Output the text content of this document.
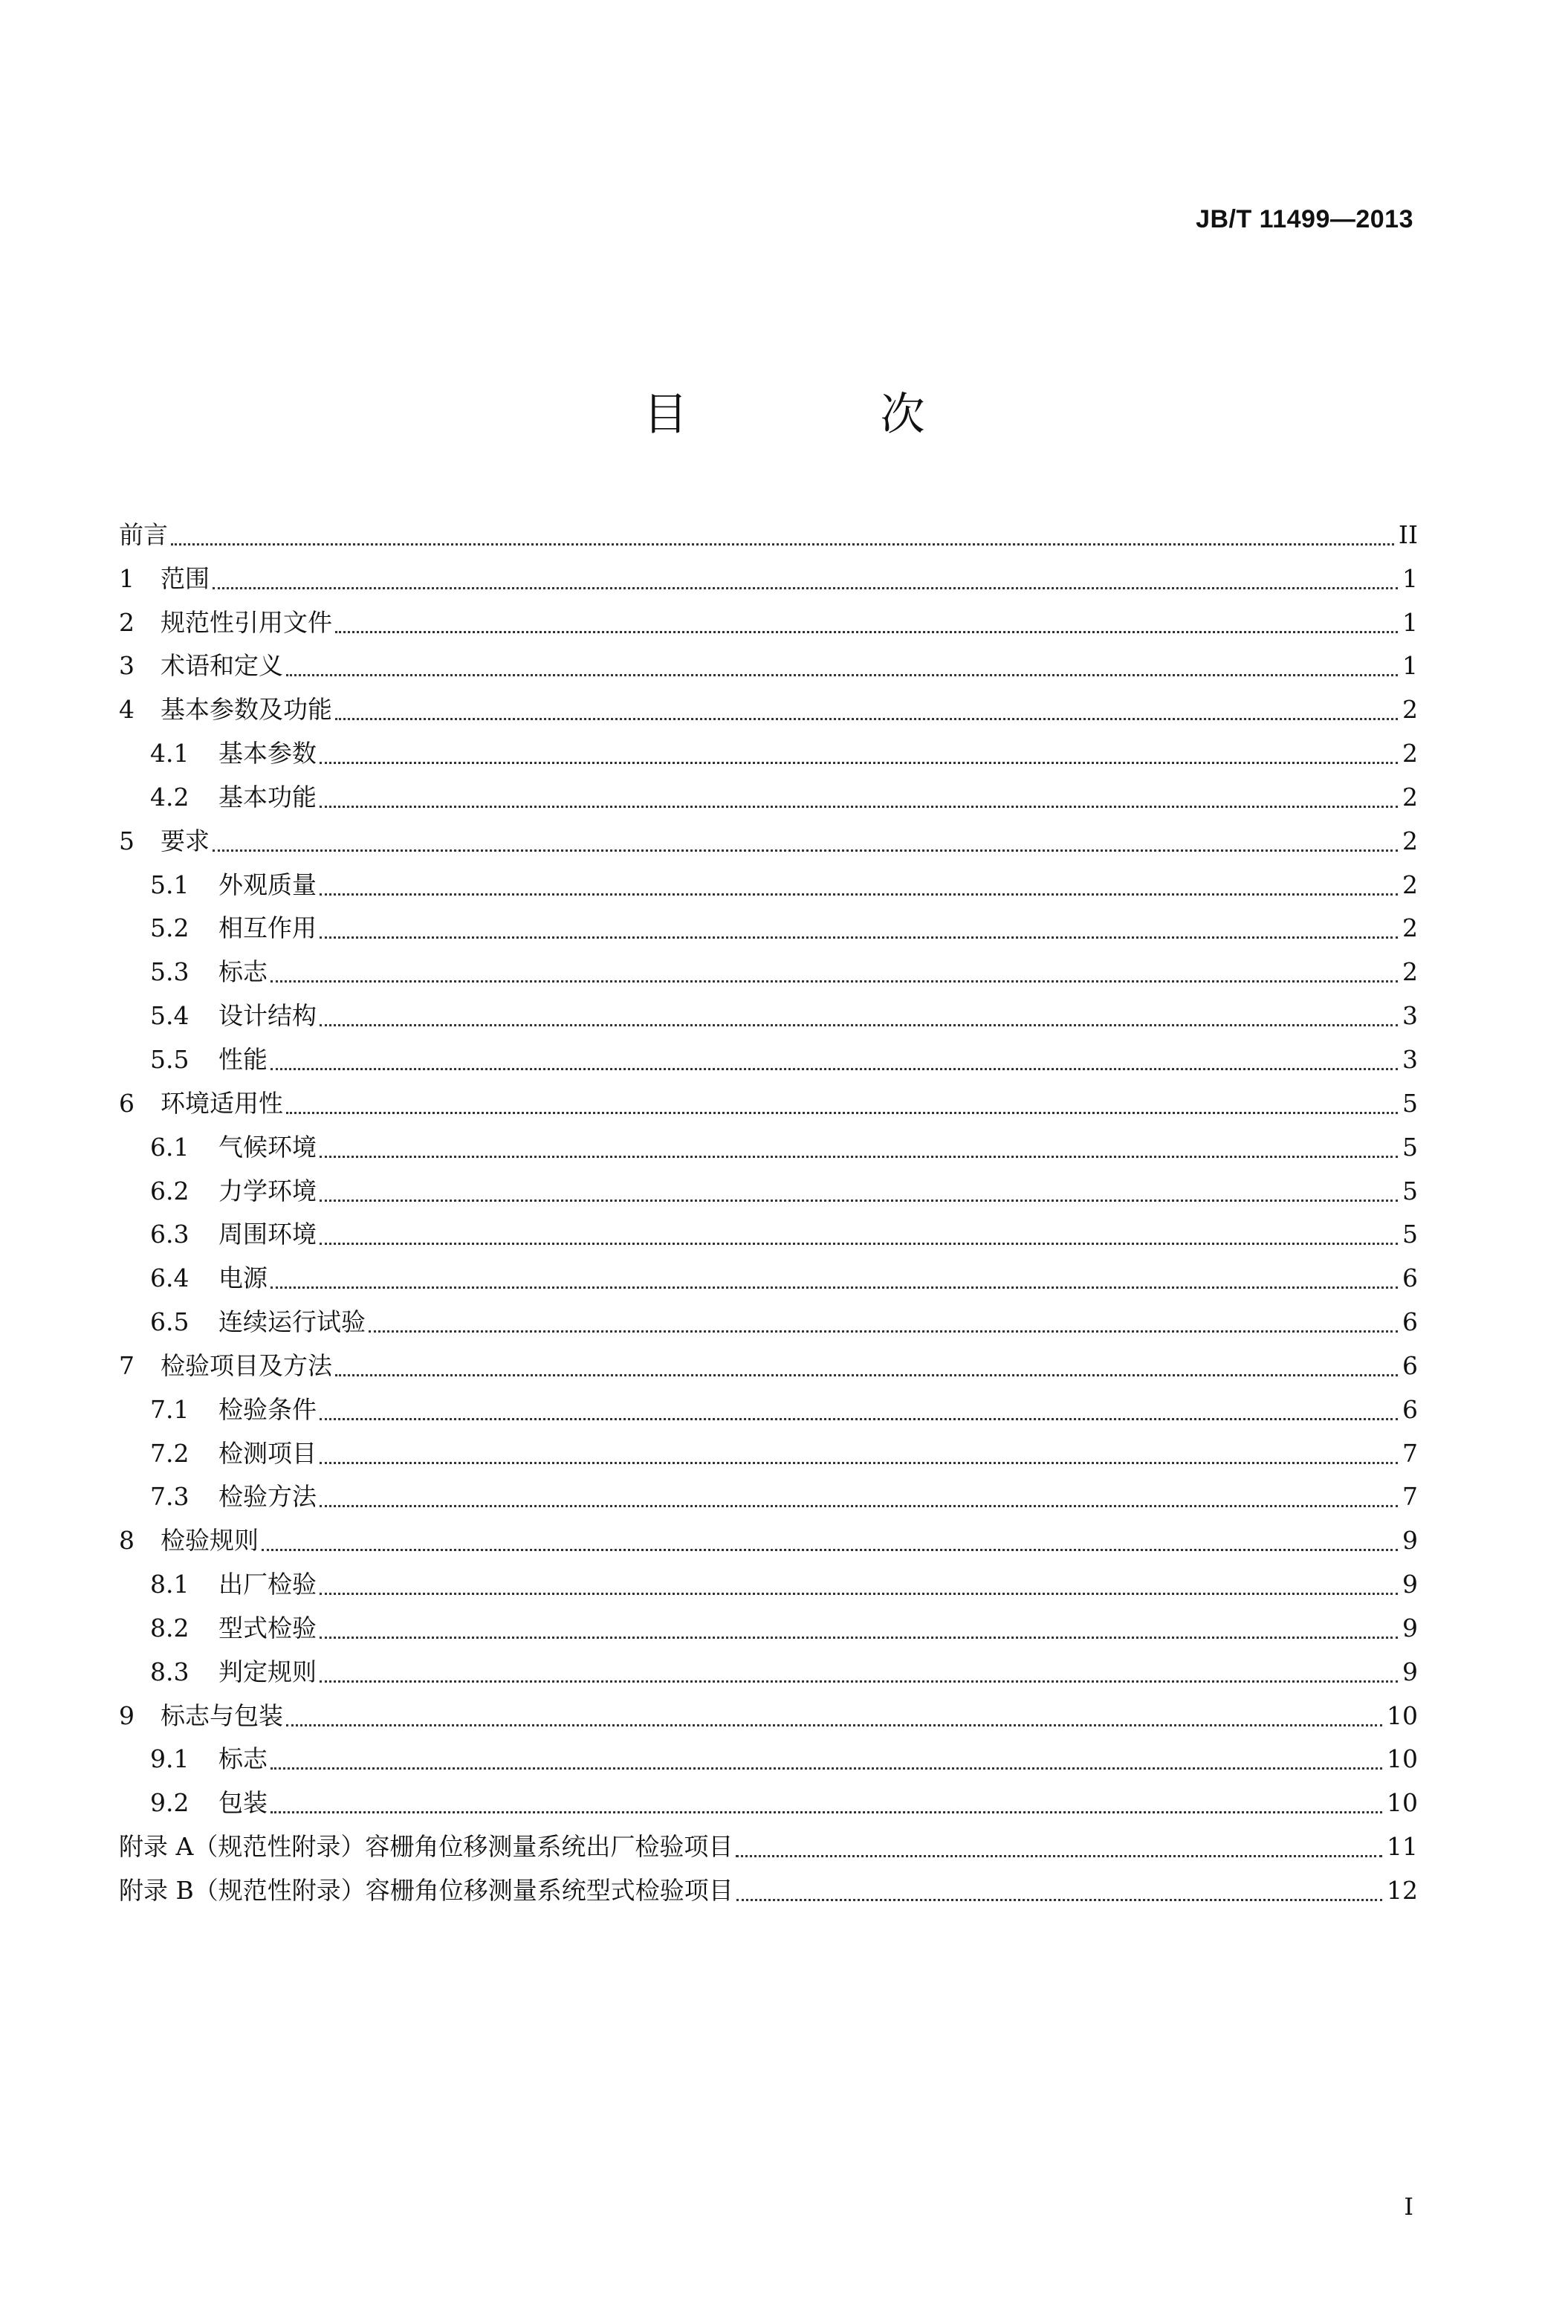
JB/T 11499—2013
目 次
前言	II
1	范围	1
2	规范性引用文件	1
3	术语和定义	1
4	基本参数及功能	2
4.1	基本参数	2
4.2	基本功能	2
5	要求	2
5.1	外观质量	2
5.2	相互作用	2
5.3	标志	2
5.4	设计结构	3
5.5	性能	3
6	环境适用性	5
6.1	气候环境	5
6.2	力学环境	5
6.3	周围环境	5
6.4	电源	6
6.5	连续运行试验	6
7	检验项目及方法	6
7.1	检验条件	6
7.2	检测项目	7
7.3	检验方法	7
8	检验规则	9
8.1	出厂检验	9
8.2	型式检验	9
8.3	判定规则	9
9	标志与包装	10
9.1	标志	10
9.2	包装	10
附录 A（规范性附录）容栅角位移测量系统出厂检验项目	11
附录 B（规范性附录）容栅角位移测量系统型式检验项目	12
I
